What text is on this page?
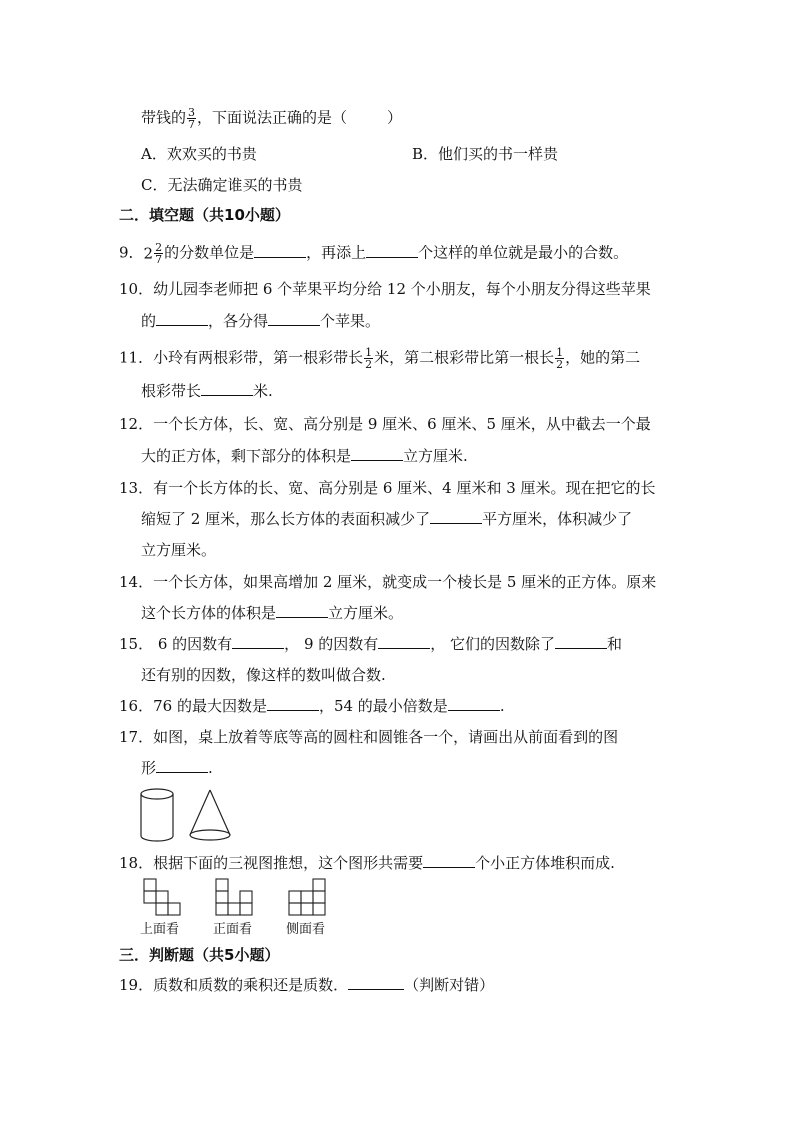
带钱的 $\frac{3}{7}$ ，下面说法正确的是（	）
A．欢欢买的书贵	B．他们买的书一样贵
C．无法确定谁买的书贵
二．填空题（共10小题）
9．$2 \frac{2}{7}$ 的分数单位是	，再添上	个这样的单位就是最小的合数。
10．幼儿园李老师把 6 个苹果平均分给 12 个小朋友，每个小朋友分得这些苹果
的	，各分得	个苹果。
11．小玲有两根彩带，第一根彩带长 $\frac{1}{2}$ 米，第二根彩带比第一根长 $\frac{1}{2}$ ，她的第二
根彩带长	米.
12．一个长方体，长、宽、高分别是 9 厘米、6 厘米、5 厘米，从中截去一个最
大的正方体，剩下部分的体积是	立方厘米.
13．有一个长方体的长、宽、高分别是 6 厘米、4 厘米和 3 厘米。现在把它的长
缩短了 2 厘米，那么长方体的表面积减少了	平方厘米，体积减少了
立方厘米。
14．一个长方体，如果高增加 2 厘米，就变成一个棱长是 5 厘米的正方体。原来
这个长方体的体积是	立方厘米。
15． 6 的因数有	， 9 的因数有	， 它们的因数除了	和
还有别的因数，像这样的数叫做合数.
16．76 的最大因数是	，54 的最小倍数是	.
17．如图，桌上放着等底等高的圆柱和圆锥各一个，请画出从前面看到的图
形	.
18．根据下面的三视图推想，这个图形共需要	个小正方体堆积而成.
上面看	正面看	侧面看
三．判断题（共5小题）
19．质数和质数的乘积还是质数．	（判断对错）
